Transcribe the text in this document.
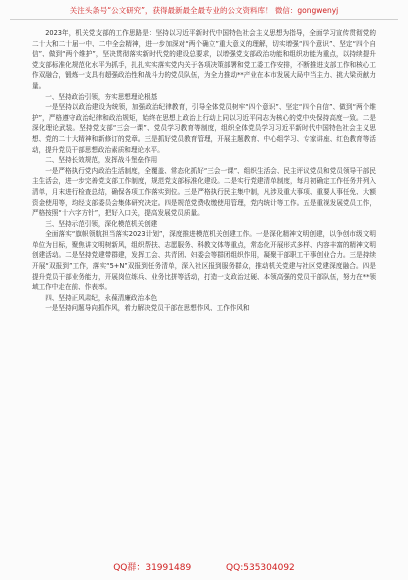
关注头条号“公文研究”，获得最新最全最专业的公文资料库！ 微信：gongwenyj

2023年，机关党支部的工作思路是：坚持以习近平新时代中国特色社会主义思想为指导，全面学习宣传贯彻党的二十大和二十届一中、二中全会精神，进一步加深对“两个确立”重大意义的理解，切实增强“四个意识”、坚定“四个自信”、做到“两个维护”，坚决贯彻落实新时代党的建设总要求，以增强党支部政治功能和组织功能为重点，以持续提升党支部标准化规范化水平为抓手，扎扎实实落实党内关于各项决策部署和党工委工作安排，不断推进支部工作和核心工作双融合，锻炼一支具有超强政治性和战斗力的党员队伍，为全力推动**产业在本市发展大局中当主力、挑大梁贡献力量。

一、坚持政治引领，夯实思想理论根基

一是坚持以政治建设为统领，加强政治纪律教育，引导全体党员树牢“四个意识”、坚定“四个自信”、做到“两个维护”，严格遵守政治纪律和政治规矩，始终在思想上政治上行动上同以习近平同志为核心的党中央保持高度一致。二是深化理论武装。坚持党支部“三会一课”、党员学习教育等制度，组织全体党员学习习近平新时代中国特色社会主义思想、党的二十大精神和新修订的党章。三是抓好党员教育管理，开展主题教育、中心组学习、专家讲座、红色教育等活动，提升党员干部思想政治素质和理论水平。

二、坚持长效规范，发挥战斗堡垒作用

一是严格执行党内政治生活制度，全覆盖、常态化抓好“三会一课”、组织生活会、民主评议党员和党员领导干部民主生活会，进一步完善党支部工作制度，规范党支部标准化建设。二是实行党建清单制度，每月初确定工作任务并列入清单，月末进行检查总结，确保各项工作落实到位。三是严格执行民主集中制，凡涉及重大事项、重要人事任免、大额资金使用等，均经支部委员会集体研究决定。四是规范党费收缴使用管理，党内统计等工作。五是重视发展党员工作，严格按照“十六字方针”，把好入口关，提高发展党员质量。

三、坚持示范引领，深化模范机关创建

全面落实“旗帜领航担当落实2023计划”，深度推进模范机关创建工作。一是深化精神文明创建，以争创市级文明单位为目标，聚焦讲文明树新风，组织帮扶、志愿服务、科教文体等重点，常态化开展形式多样、内容丰富的精神文明创建活动。二是坚持党建带群建，发挥工会、共青团、妇委会等群团组织作用，凝聚干部职工干事创业合力。三是持续开展“双报到”工作，落实“5+N”双报到任务清单，深入社区报到服务群众，推动机关党建与社区党建深度融合。四是提升党员干部业务能力，开展岗位练兵、业务比拼等活动，打造一支政治过硬、本领高强的党员干部队伍，努力在**领域工作中走在前、作表率。

四、坚持正风肃纪，永葆清廉政治本色

一是坚持问题导向抓作风，着力解决党员干部在思想作风、工作作风和

QQ群：31991489	QQ:535304092
